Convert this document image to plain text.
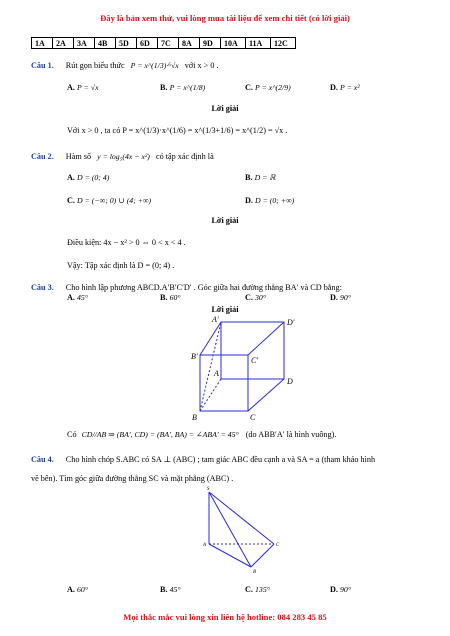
Đây là bản xem thử, vui lòng mua tài liệu để xem chi tiết (có lời giải)
1A	2A	3A	4B	5D	6D	7C	8A	9D	10A	11A	12C
Câu 1. Rút gọn biểu thức P = x^(1/3)·⁶√x với x > 0 .
A. P = √x	B. P = x^(1/8)	C. P = x^(2/9)	D. P = x²
Lời giải
Với x > 0 , ta có P = x^(1/3)·x^(1/6) = x^(1/3+1/6) = x^(1/2) = √x .
Câu 2. Hàm số y = log₅(4x − x²) có tập xác định là
A. D = (0; 4)	B. D = ℝ
C. D = (−∞; 0) ∪ (4; +∞)	D. D = (0; +∞)
Lời giải
Điều kiện: 4x − x² > 0 ⇔ 0 < x < 4 .
Vậy: Tập xác định là D = (0; 4) .
Câu 3. Cho hình lập phương ABCD.A′B′C′D′ . Góc giữa hai đường thẳng BA′ và CD bằng:
A. 45°	B. 60°	C. 30°	D. 90°
Lời giải
A′	D′
B′	C′
A
D
B	C
Có CD//AB ⇒ (BA′, CD) = (BA′, BA) = ∠ABA′ = 45° (do ABB′A′ là hình vuông).
Câu 4. Cho hình chóp S.ABC có SA ⊥ (ABC) ; tam giác ABC đều cạnh a và SA = a (tham khảo hình
vẽ bên). Tìm góc giữa đường thẳng SC và mặt phẳng (ABC) .
S
A
B
C
A. 60°	B. 45°	C. 135°	D. 90°
Mọi thắc mắc vui lòng xin liên hệ hotline: 084 283 45 85
